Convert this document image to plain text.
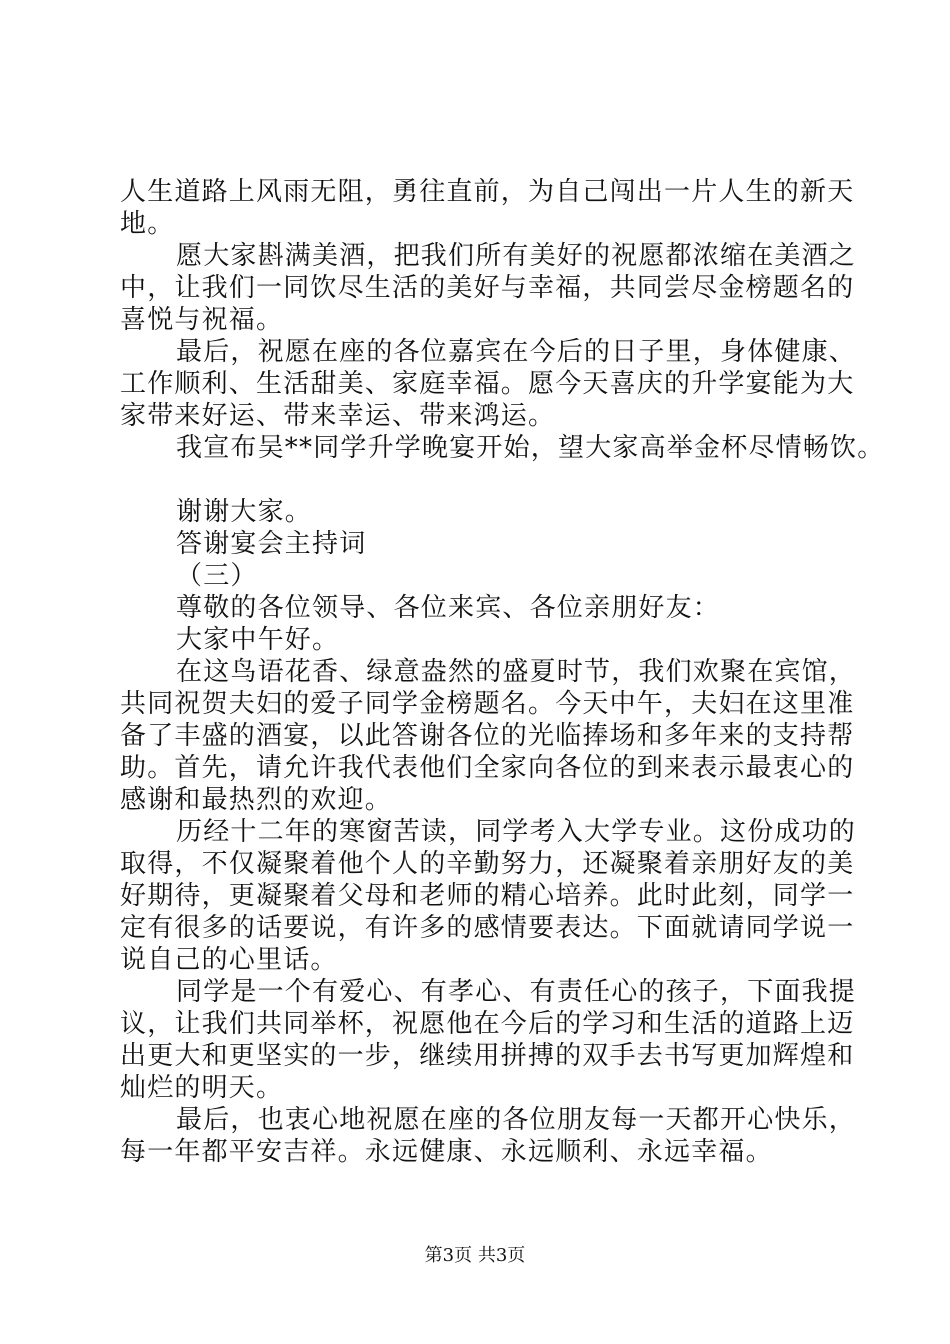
人生道路上风雨无阻，勇往直前，为自己闯出一片人生的新天
地。
愿大家斟满美酒，把我们所有美好的祝愿都浓缩在美酒之
中，让我们一同饮尽生活的美好与幸福，共同尝尽金榜题名的
喜悦与祝福。
最后，祝愿在座的各位嘉宾在今后的日子里，身体健康、
工作顺利、生活甜美、家庭幸福。愿今天喜庆的升学宴能为大
家带来好运、带来幸运、带来鸿运。
我宣布吴**同学升学晚宴开始，望大家高举金杯尽情畅饮。
谢谢大家。
答谢宴会主持词
（三）
尊敬的各位领导、各位来宾、各位亲朋好友：
大家中午好。
在这鸟语花香、绿意盎然的盛夏时节，我们欢聚在宾馆，
共同祝贺夫妇的爱子同学金榜题名。今天中午，夫妇在这里准
备了丰盛的酒宴，以此答谢各位的光临捧场和多年来的支持帮
助。首先，请允许我代表他们全家向各位的到来表示最衷心的
感谢和最热烈的欢迎。
历经十二年的寒窗苦读，同学考入大学专业。这份成功的
取得，不仅凝聚着他个人的辛勤努力，还凝聚着亲朋好友的美
好期待，更凝聚着父母和老师的精心培养。此时此刻，同学一
定有很多的话要说，有许多的感情要表达。下面就请同学说一
说自己的心里话。
同学是一个有爱心、有孝心、有责任心的孩子，下面我提
议，让我们共同举杯，祝愿他在今后的学习和生活的道路上迈
出更大和更坚实的一步，继续用拼搏的双手去书写更加辉煌和
灿烂的明天。
最后，也衷心地祝愿在座的各位朋友每一天都开心快乐，
每一年都平安吉祥。永远健康、永远顺利、永远幸福。
第3页 共3页
